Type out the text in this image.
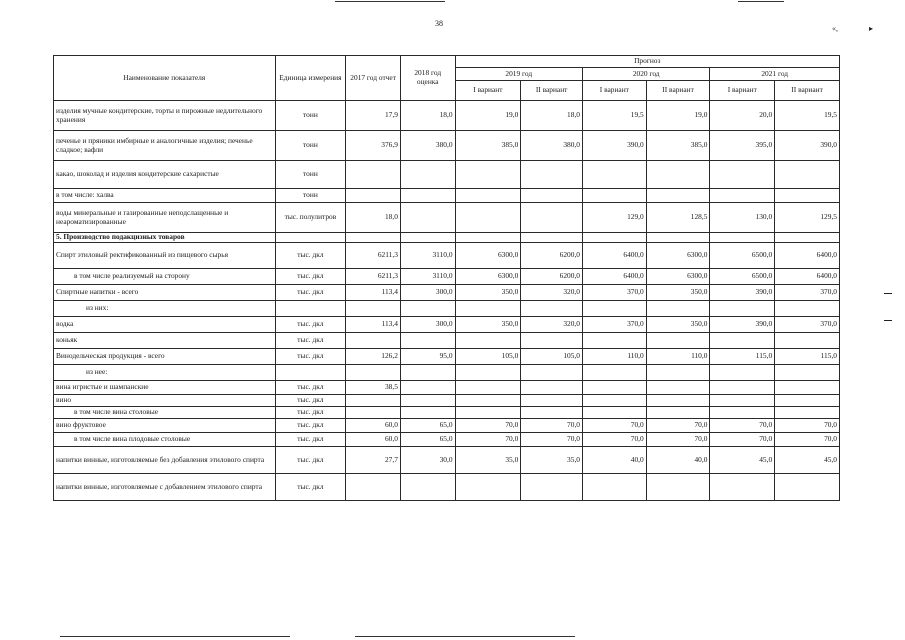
38
«,	▸
Наименование показателя	Единица измерения	2017 год отчет	2018 год оценка	Прогноз					
				2019 год		2020 год		2021 год	
				I вариант	II вариант	I вариант	II вариант	I вариант	II вариант
изделия мучные кондитерские, торты и пирожные недлительного хранения	тонн	17,9	18,0	19,0	18,0	19,5	19,0	20,0	19,5
печенье и пряники имбирные и аналогичные изделия; печенье сладкое; вафли	тонн	376,9	380,0	385,0	380,0	390,0	385,0	395,0	390,0
какао, шоколад и изделия кондитерские сахаристые	тонн								
в том числе: халва	тонн								
воды минеральные и газированные неподслащенные и неароматизированные	тыс. полулитров	18,0				129,0	128,5	130,0	129,5
5. Производство подакцизных товаров									
Спирт этиловый ректификованный из пищевого сырья	тыс. дкл	6211,3	3110,0	6300,0	6200,0	6400,0	6300,0	6500,0	6400,0
в том числе реализуемый на сторону	тыс. дкл	6211,3	3110,0	6300,0	6200,0	6400,0	6300,0	6500,0	6400,0
Спиртные напитки - всего	тыс. дкл	113,4	300,0	350,0	320,0	370,0	350,0	390,0	370,0
из них:									
водка	тыс. дкл	113,4	300,0	350,0	320,0	370,0	350,0	390,0	370,0
коньяк	тыс. дкл								
Винодельческая продукция - всего	тыс. дкл	126,2	95,0	105,0	105,0	110,0	110,0	115,0	115,0
из нее:									
вина игристые и шампанские	тыс. дкл	38,5							
вино	тыс. дкл								
в том числе вина столовые	тыс. дкл								
вино фруктовое	тыс. дкл	60,0	65,0	70,0	70,0	70,0	70,0	70,0	70,0
в том числе вина плодовые столовые	тыс. дкл	60,0	65,0	70,0	70,0	70,0	70,0	70,0	70,0
напитки винные, изготовляемые без добавления этилового спирта	тыс. дкл	27,7	30,0	35,0	35,0	40,0	40,0	45,0	45,0
напитки винные, изготовляемые с добавлением этилового спирта	тыс. дкл								
